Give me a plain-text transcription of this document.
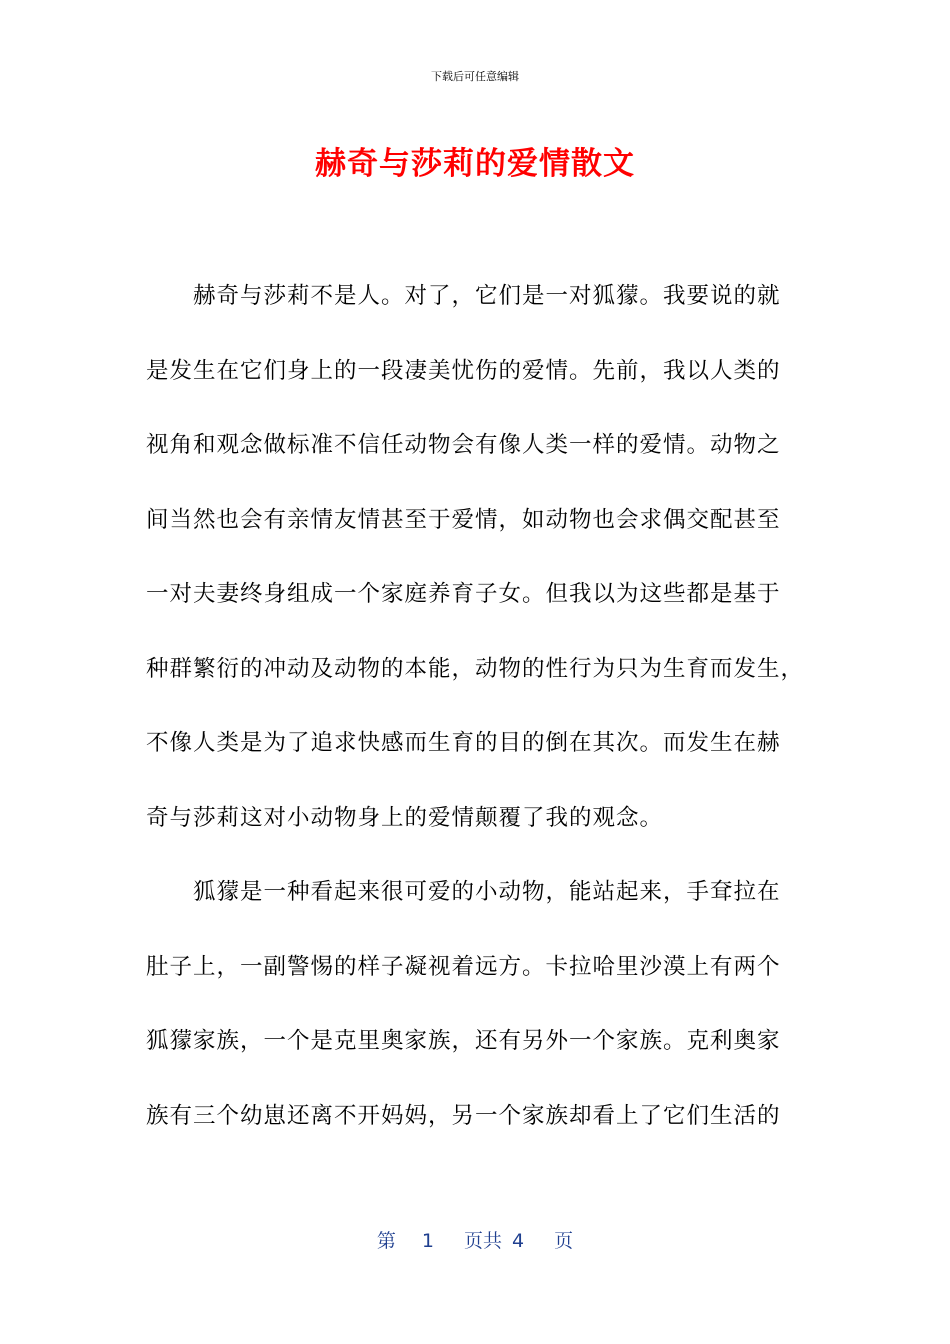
下载后可任意编辑
赫奇与莎莉的爱情散文
赫奇与莎莉不是人。对了，它们是一对狐獴。我要说的就
是发生在它们身上的一段凄美忧伤的爱情。先前，我以人类的
视角和观念做标准不信任动物会有像人类一样的爱情。动物之
间当然也会有亲情友情甚至于爱情，如动物也会求偶交配甚至
一对夫妻终身组成一个家庭养育子女。但我以为这些都是基于
种群繁衍的冲动及动物的本能，动物的性行为只为生育而发生，
不像人类是为了追求快感而生育的目的倒在其次。而发生在赫
奇与莎莉这对小动物身上的爱情颠覆了我的观念。
狐獴是一种看起来很可爱的小动物，能站起来，手耷拉在
肚子上，一副警惕的样子凝视着远方。卡拉哈里沙漠上有两个
狐獴家族，一个是克里奥家族，还有另外一个家族。克利奥家
族有三个幼崽还离不开妈妈，另一个家族却看上了它们生活的
第 1 页共 4 页
